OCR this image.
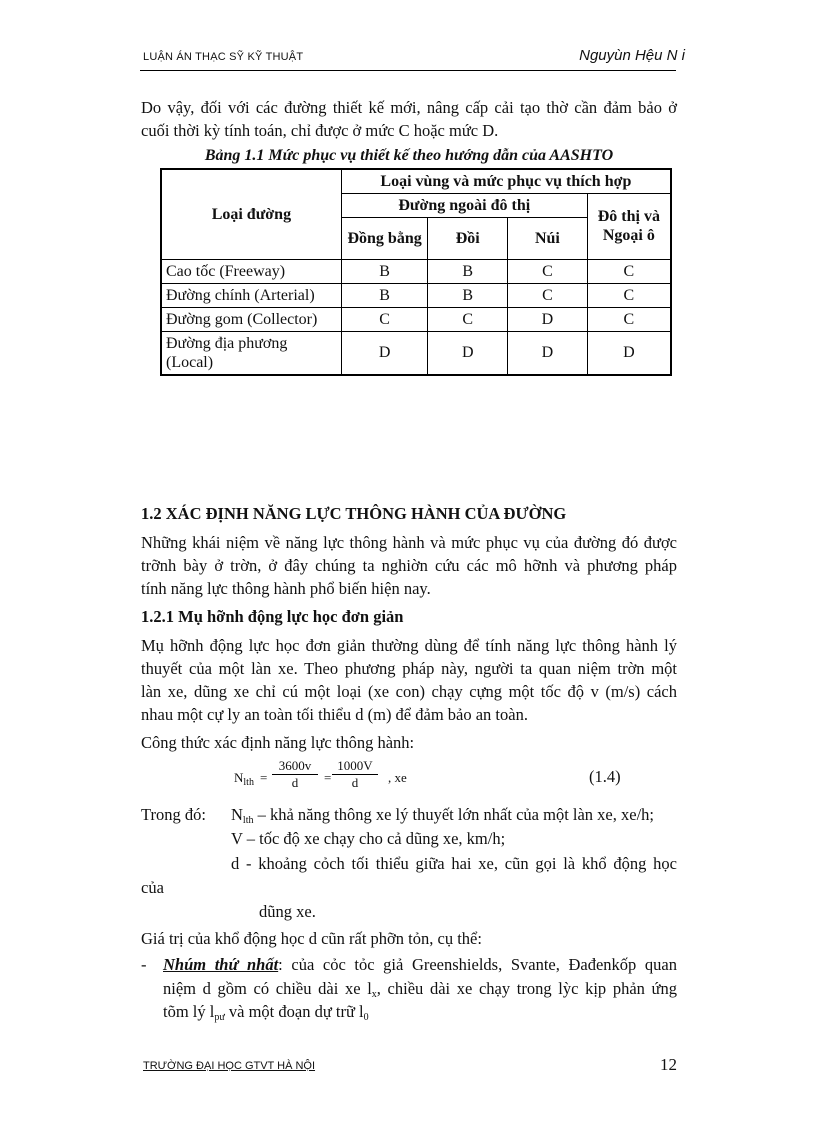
LUẬN ÁN THẠC SỸ KỸ THUẬT	Nguyùn Hệu N i
Do vậy, đối với các đường thiết kế mới, nâng cấp cải tạo thờ cần đảm bảo ở
cuối thời kỳ tính toán, chỉ được ở mức C hoặc mức D.
Bảng 1.1 Mức phục vụ thiết kế theo hướng dẫn của AASHTO
Loại đường	Loại vùng và mức phục vụ thích hợp			
	Đường ngoài đô thị			Đô thị và Ngoại ô
	Đồng bằng	Đồi	Núi	
Cao tốc (Freeway)	B	B	C	C
Đường chính (Arterial)	B	B	C	C
Đường gom (Collector)	C	C	D	C
Đường địa phương (Local)	D	D	D	D
1.2 XÁC ĐỊNH NĂNG LỰC THÔNG HÀNH CỦA ĐƯỜNG
Những khái niệm về năng lực thông hành và mức phục vụ của đường đó được
trỡnh bày ở trờn, ở đây chúng ta nghiờn cứu các mô hỡnh và phương pháp
tính năng lực thông hành phổ biến hiện nay.
1.2.1 Mụ hỡnh động lực học đơn giản
Mụ hỡnh động lực học đơn giản thường dùng để tính năng lực thông hành lý
thuyết của một làn xe. Theo phương pháp này, người ta quan niệm trờn một
làn xe, dũng xe chỉ cú một loại (xe con) chạy cựng một tốc độ v (m/s) cách
nhau một cự ly an toàn tối thiểu d (m) để đảm bảo an toàn.
Công thức xác định năng lực thông hành:
$N_{lth} = \frac{3600v}{d} = \frac{1000V}{d}$ , xe	(1.4)
Trong đó:	$N_{lth}$ – khả năng thông xe lý thuyết lớn nhất của một làn xe, xe/h;
V – tốc độ xe chạy cho cả dũng xe, km/h;
d - khoảng cỏch tối thiểu giữa hai xe, cũn gọi là khổ động học
của
dũng xe.
Giá trị của khổ động học d cũn rất phỡn tỏn, cụ thể:
-	Nhúm thứ nhất: của cỏc tỏc giả Greenshields, Svante, Đađenkốp quan
niệm d gồm có chiều dài xe $l_x$, chiều dài xe chạy trong lỳc kịp phản ứng
tõm lý $l_{pư}$ và một đoạn dự trữ $l_0$
TRƯỜNG ĐẠI HỌC GTVT HÀ NỘI	12
